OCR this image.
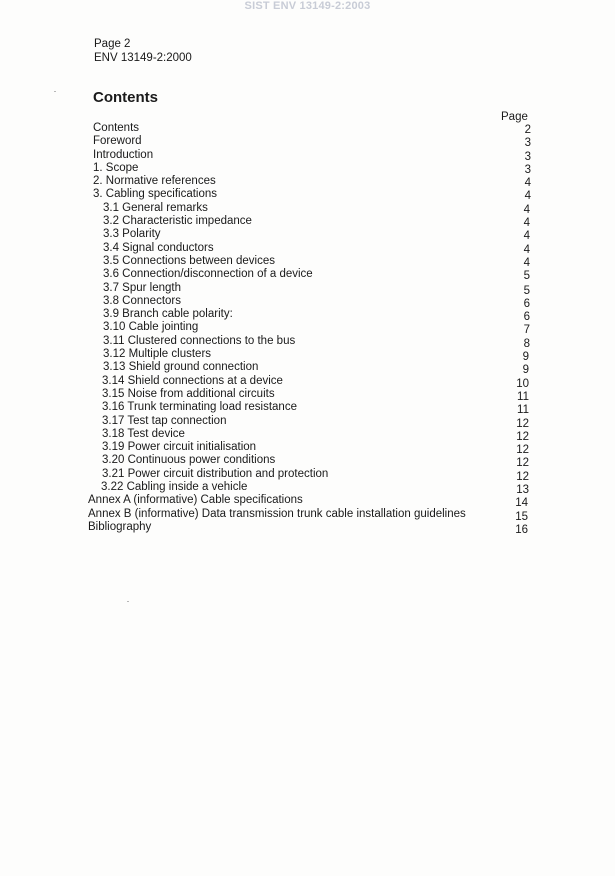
SIST ENV 13149-2:2003
Page 2
ENV 13149-2:2000
Contents
Page
Contents	2
Foreword	3
Introduction	3
1. Scope	3
2. Normative references	4
3. Cabling specifications	4
3.1 General remarks	4
3.2 Characteristic impedance	4
3.3 Polarity	4
3.4 Signal conductors	4
3.5 Connections between devices	4
3.6 Connection/disconnection of a device	5
3.7 Spur length	5
3.8 Connectors	6
3.9 Branch cable polarity:	6
3.10 Cable jointing	7
3.11 Clustered connections to the bus	8
3.12 Multiple clusters	9
3.13 Shield ground connection	9
3.14 Shield connections at a device	10
3.15 Noise from additional circuits	11
3.16 Trunk terminating load resistance	11
3.17 Test tap connection	12
3.18 Test device	12
3.19 Power circuit initialisation	12
3.20 Continuous power conditions	12
3.21 Power circuit distribution and protection	12
3.22 Cabling inside a vehicle	13
Annex A (informative) Cable specifications	14
Annex B (informative) Data transmission trunk cable installation guidelines	15
Bibliography	16
